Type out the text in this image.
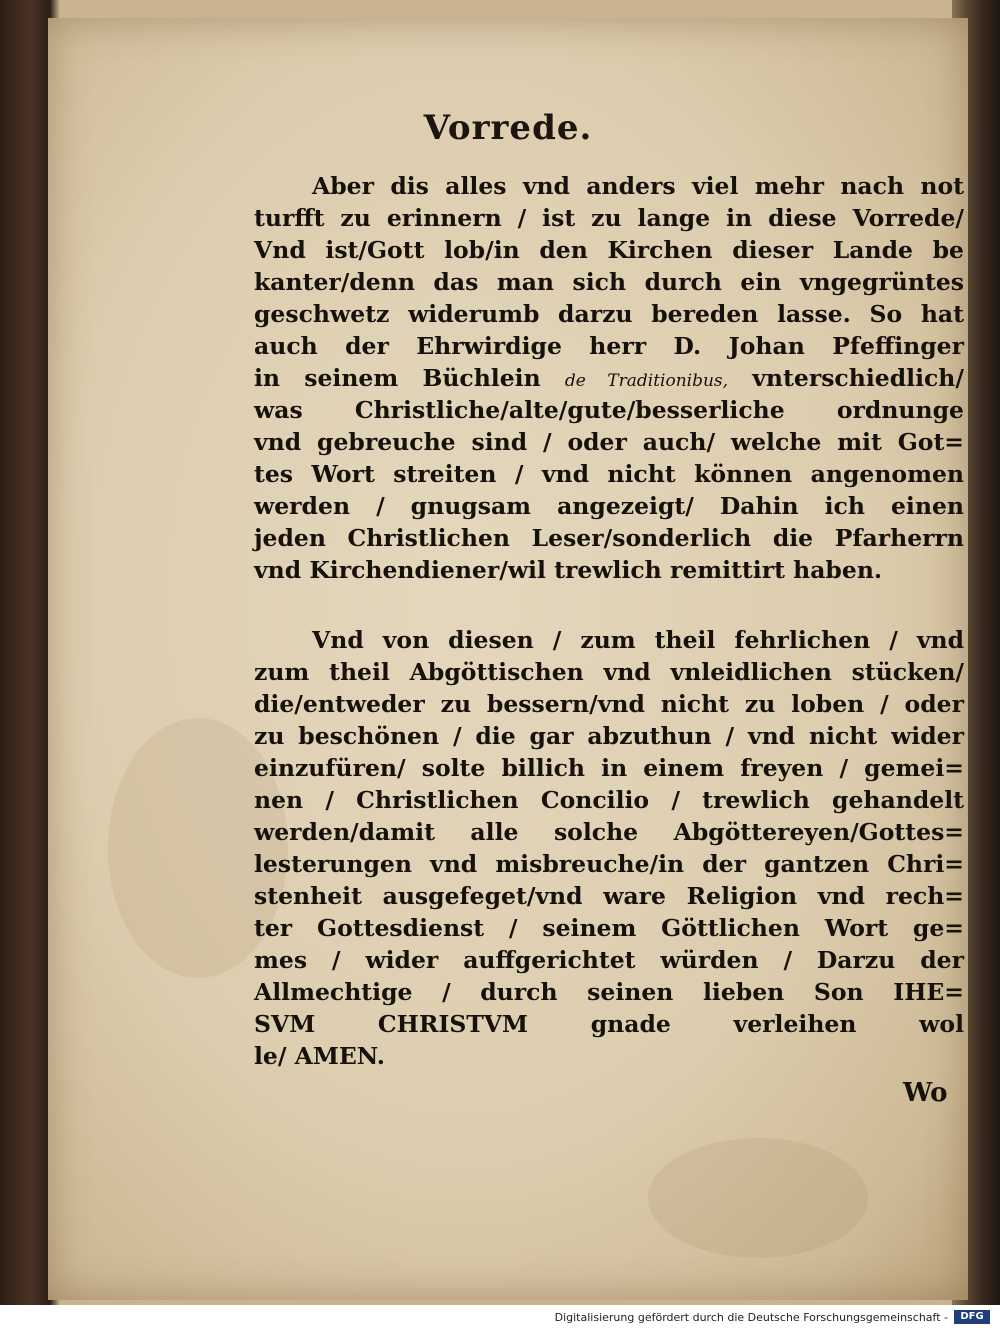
Vorrede.
Aber dis alles vnd anders viel mehr nach not
turfft zu erinnern / ist zu lange in diese Vorrede/
Vnd ist/Gott lob/in den Kirchen dieser Lande be
kanter/denn das man sich durch ein vngegrüntes
geschwetz widerumb darzu bereden lasse. So hat
auch der Ehrwirdige herr D. Johan Pfeffinger
in seinem Büchlein de Traditionibus, vnterschiedlich/
was Christliche/alte/gute/besserliche ordnunge
vnd gebreuche sind / oder auch/ welche mit Got=
tes Wort streiten / vnd nicht können angenomen
werden / gnugsam angezeigt/ Dahin ich einen
jeden Christlichen Leser/sonderlich die Pfarherrn
vnd Kirchendiener/wil trewlich remittirt haben.
Vnd von diesen / zum theil fehrlichen / vnd
zum theil Abgöttischen vnd vnleidlichen stücken/
die/entweder zu bessern/vnd nicht zu loben / oder
zu beschönen / die gar abzuthun / vnd nicht wider
einzufüren/ solte billich in einem freyen / gemei=
nen / Christlichen Concilio / trewlich gehandelt
werden/damit alle solche Abgöttereyen/Gottes=
lesterungen vnd misbreuche/in der gantzen Chri=
stenheit ausgefeget/vnd ware Religion vnd rech=
ter Gottesdienst / seinem Göttlichen Wort ge=
mes / wider auffgerichtet würden / Darzu der
Allmechtige / durch seinen lieben Son IHE=
SVM CHRISTVM gnade verleihen wol
le/ AMEN.
Wo
Digitalisierung gefördert durch die Deutsche Forschungsgemeinschaft -	DFG
